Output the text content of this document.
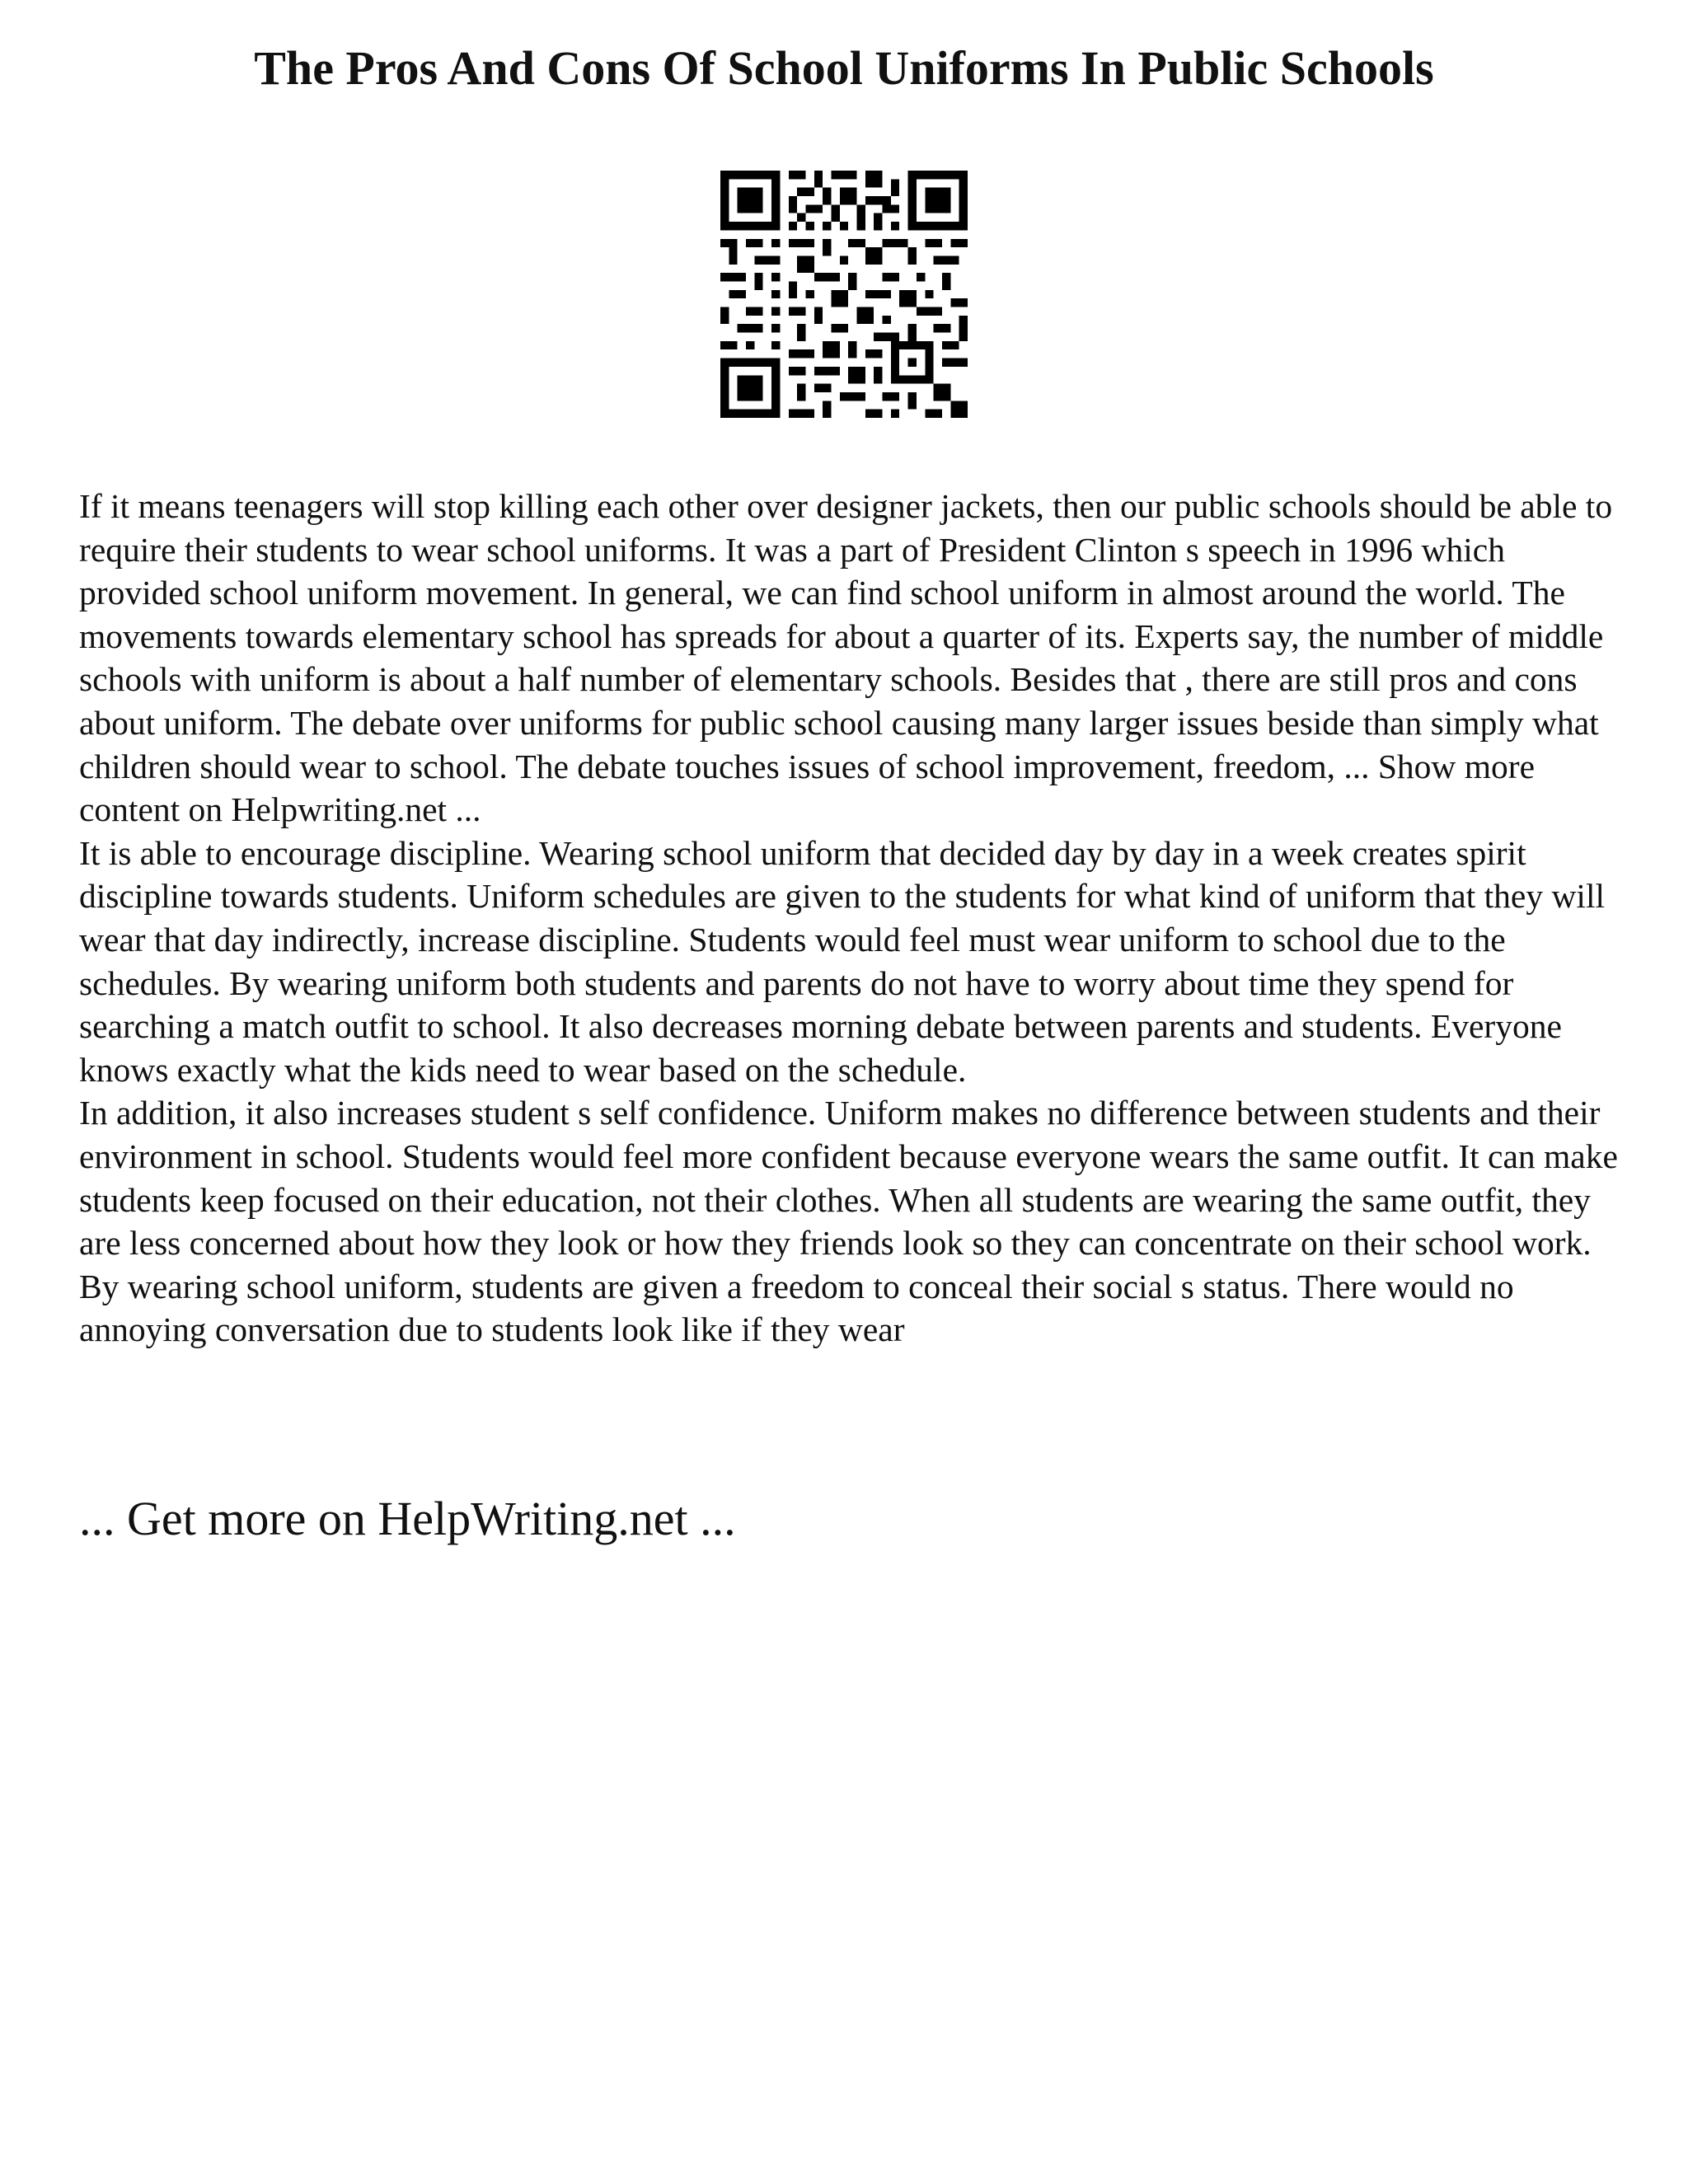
The Pros And Cons Of School Uniforms In Public Schools

If it means teenagers will stop killing each other over designer jackets, then our public schools should be able to require their students to wear school uniforms. It was a part of President Clinton s speech in 1996 which provided school uniform movement. In general, we can find school uniform in almost around the world. The movements towards elementary school has spreads for about a quarter of its. Experts say, the number of middle schools with uniform is about a half number of elementary schools. Besides that , there are still pros and cons about uniform. The debate over uniforms for public school causing many larger issues beside than simply what children should wear to school. The debate touches issues of school improvement, freedom, ... Show more content on Helpwriting.net ...

It is able to encourage discipline. Wearing school uniform that decided day by day in a week creates spirit discipline towards students. Uniform schedules are given to the students for what kind of uniform that they will wear that day indirectly, increase discipline. Students would feel must wear uniform to school due to the schedules. By wearing uniform both students and parents do not have to worry about time they spend for searching a match outfit to school. It also decreases morning debate between parents and students. Everyone knows exactly what the kids need to wear based on the schedule.

In addition, it also increases student s self confidence. Uniform makes no difference between students and their environment in school. Students would feel more confident because everyone wears the same outfit. It can make students keep focused on their education, not their clothes. When all students are wearing the same outfit, they are less concerned about how they look or how they friends look so they can concentrate on their school work. By wearing school uniform, students are given a freedom to conceal their social s status. There would no annoying conversation due to students look like if they wear

... Get more on HelpWriting.net ...
